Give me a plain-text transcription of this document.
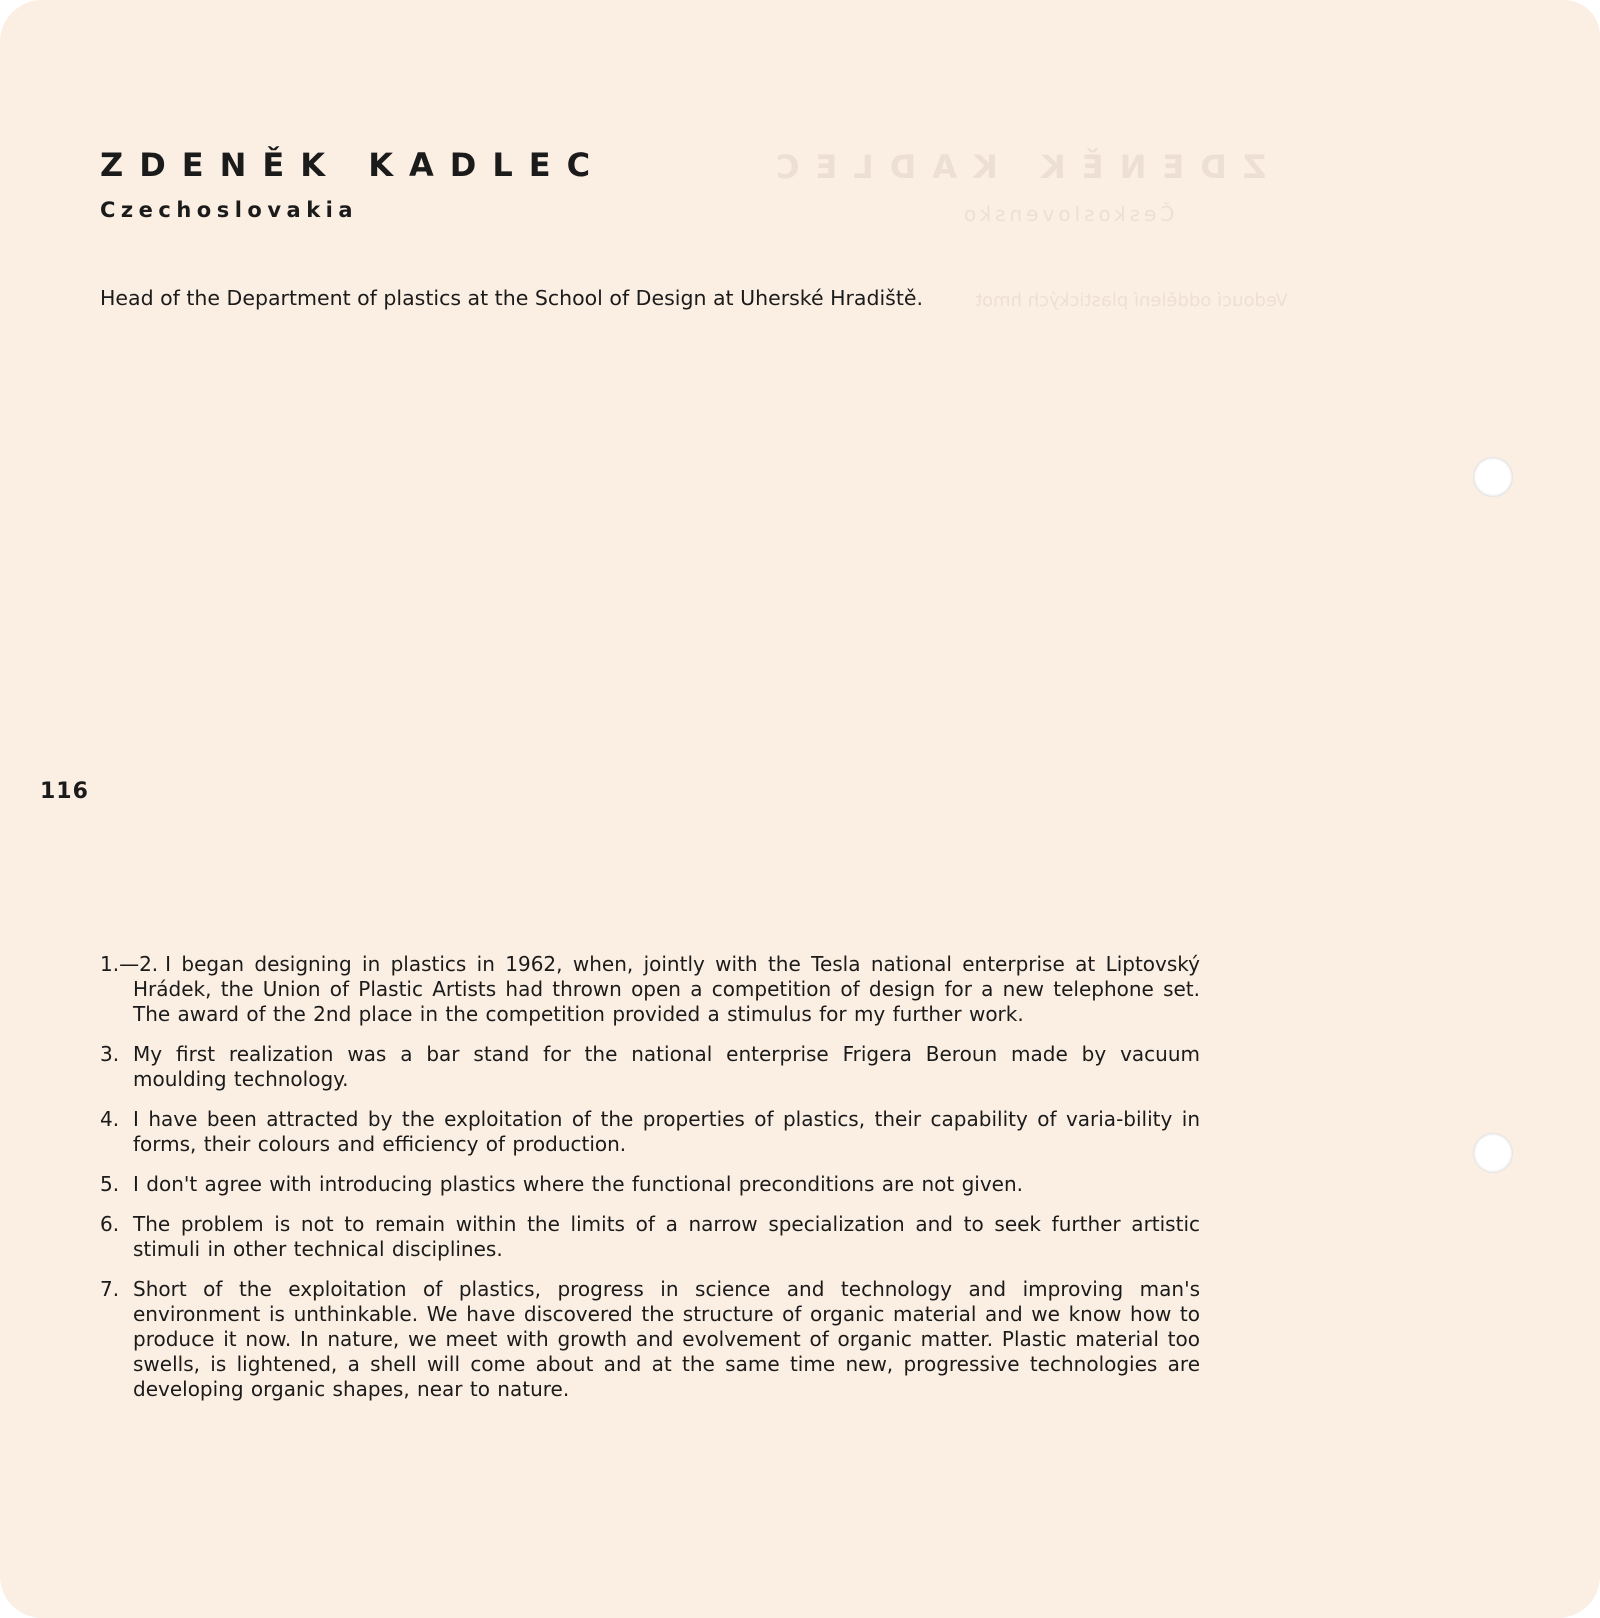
ZDENĚK KADLEC
Československo
Vedoucí oddělení plastických hmot
ZDENĚK KADLEC
Czechoslovakia
Head of the Department of plastics at the School of Design at Uherské Hradiště.
116
1.—2. I began designing in plastics in 1962, when, jointly with the Tesla national enterprise at Liptovský Hrádek, the Union of Plastic Artists had thrown open a competition of design for a new telephone set. The award of the 2nd place in the competition provided a stimulus for my further work.
3. My first realization was a bar stand for the national enterprise Frigera Beroun made by vacuum moulding technology.
4. I have been attracted by the exploitation of the properties of plastics, their capability of varia-bility in forms, their colours and efficiency of production.
5. I don't agree with introducing plastics where the functional preconditions are not given.
6. The problem is not to remain within the limits of a narrow specialization and to seek further artistic stimuli in other technical disciplines.
7. Short of the exploitation of plastics, progress in science and technology and improving man's environment is unthinkable. We have discovered the structure of organic material and we know how to produce it now. In nature, we meet with growth and evolvement of organic matter. Plastic material too swells, is lightened, a shell will come about and at the same time new, progressive technologies are developing organic shapes, near to nature.
